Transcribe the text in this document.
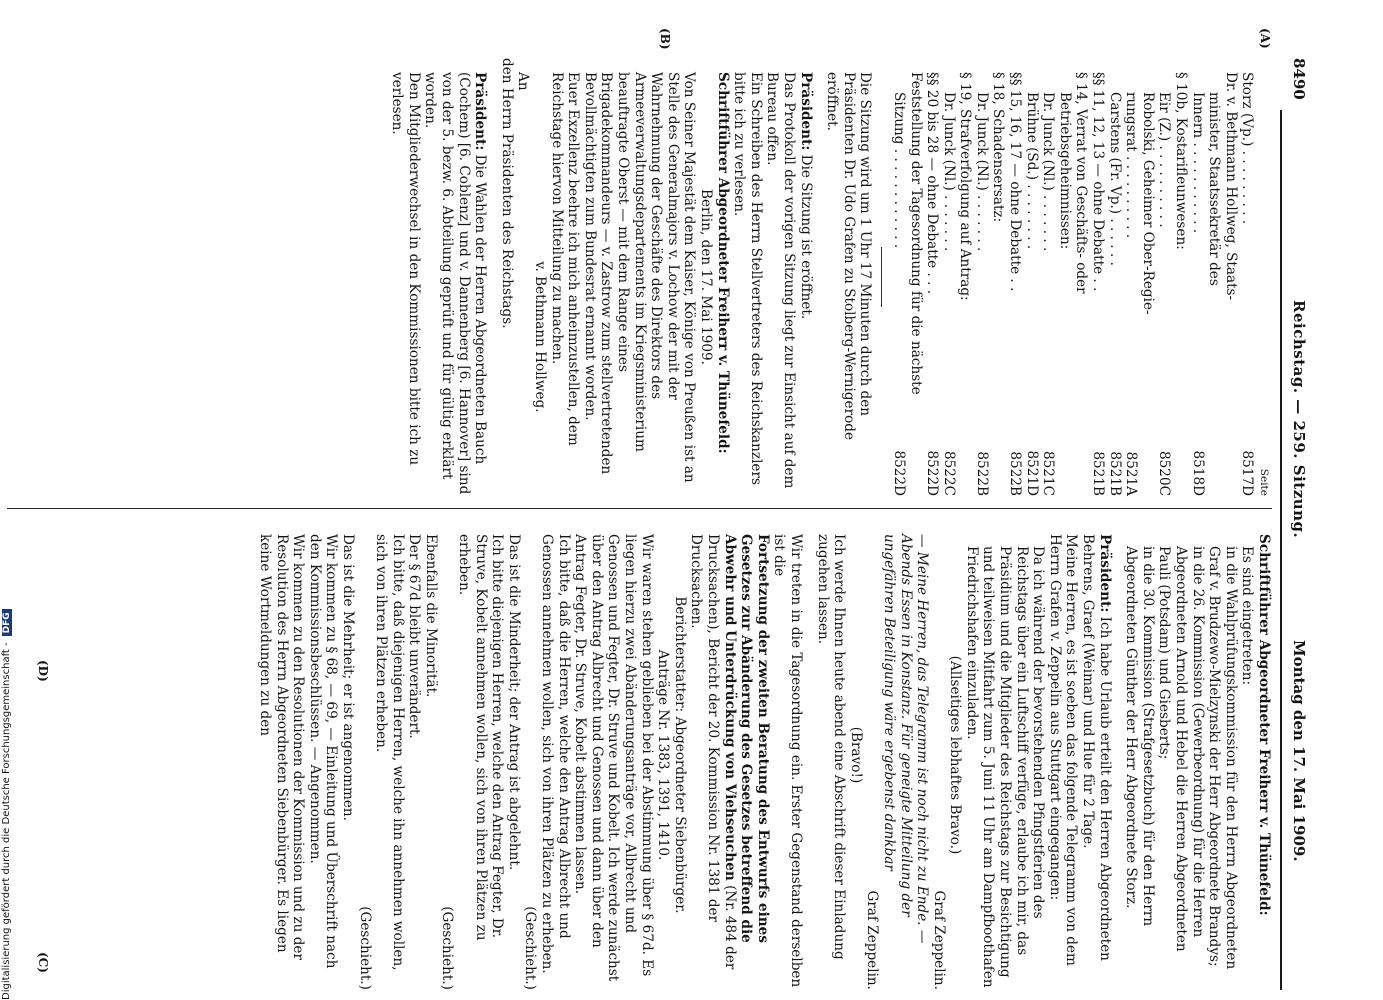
8490
Reichstag. — 259. Sitzung.
Montag den 17. Mai 1909.
(A)
(B)
(C)
(D)

Seite

Storz (Vp.) . . . . . . . . .
8517D
Dr. v. Bethmann Hollweg, Staats-
minister, Staatssekretär des
Innern . . . . . . . . . . .
8518D
§ 10b, Kostarifleunwesen:
Eir (Z.) . . . . . . . . . .
8520C
Robolski, Geheimer Ober-Regie-
rungsrat . . . . . . . . . .
8521A
Carstens (Fr. Vp.) . . . . . .
8521B
§§ 11, 12, 13 — ohne Debatte . .
8521B
§ 14, Verrat von Geschäfts- oder
Betriebsgeheimnissen:
Dr. Junck (Nl.) . . . . . . .
8521C
Brühne (Sd.) . . . . . . . .
8521D
§§ 15, 16, 17 — ohne Debatte . .
8522B
§ 18, Schadensersatz:
Dr. Junck (Nl.) . . . . . . .
8522B
§ 19, Strafverfolgung auf Antrag:
Dr. Junck (Nl.) . . . . . . .
8522C
§§ 20 bis 28 — ohne Debatte . . .
8522D
Feststellung der Tagesordnung für die nächste
Sitzung . . . . . . . . . . . .
8522D

Die Sitzung wird um 1 Uhr 17 Minuten durch den Präsidenten Dr. Udo Grafen zu Stolberg-Wernigerode eröffnet.

Präsident: Die Sitzung ist eröffnet.

Das Protokoll der vorigen Sitzung liegt zur Einsicht auf dem Bureau offen.

Ein Schreiben des Herrn Stellvertreters des Reichskanzlers bitte ich zu verlesen.

Schriftführer Abgeordneter Freiherr v. Thünefeld:

Berlin, den 17. Mai 1909.

Von Seiner Majestät dem Kaiser, Könige von Preußen ist an Stelle des Generalmajors v. Lochow der mit der Wahrnehmung der Geschäfte des Direktors des Armeeverwaltungsdepartements im Kriegsministerium beauftragte Oberst — mit dem Range eines Brigadekommandeurs — v. Zastrow zum stellvertretenden Bevollmächtigten zum Bundesrat ernannt worden.

Euer Exzellenz beehre ich mich anheimzustellen, dem Reichstage hiervon Mitteilung zu machen.

v. Bethmann Hollweg.

An

den Herrn Präsidenten des Reichstags.

Präsident: Die Wahlen der Herren Abgeordneten Bauch (Cochem) [6. Coblenz] und v. Dannenberg [6. Hannover] sind von der 5. bezw. 6. Abteilung geprüft und für gültig erklärt worden.

Den Mitgliederwechsel in den Kommissionen bitte ich zu verlesen.

Schriftführer Abgeordneter Freiherr v. Thünefeld:

Es sind eingetreten:

in die Wahlprüfungskommission für den Herrn Abgeordneten Graf v. Brudzewo-Mielzynski der Herr Abgeordnete Brandys;

in die 26. Kommission (Gewerbeordnung) für die Herren Abgeordneten Arnold und Hebel die Herren Abgeordneten Pauli (Potsdam) und Giesberts;

in die 30. Kommission (Strafgesetzbuch) für den Herrn Abgeordneten Günther der Herr Abgeordnete Storz.

Präsident: Ich habe Urlaub erteilt den Herren Abgeordneten Behrens, Graef (Weimar) und Hue für 2 Tage.

Meine Herren, es ist soeben das folgende Telegramm von dem Herrn Grafen v. Zeppelin aus Stuttgart eingegangen:

Da ich während der bevorstehenden Pfingstferien des Reichstags über ein Luftschiff verfüge, erlaube ich mir, das Präsidium und die Mitglieder des Reichstags zur Besichtigung und teilweisen Mitfahrt zum 5. Juni 11 Uhr am Dampfboothafen Friedrichshafen einzuladen.

(Allseitiges lebhaftes Bravo.)

Graf Zeppelin.

— Meine Herren, das Telegramm ist noch nicht zu Ende. — Abends Essen in Konstanz. Für geneigte Mitteilung der ungefähren Beteiligung wäre ergebenst dankbar

Graf Zeppelin.

(Bravo!)

Ich werde Ihnen heute abend eine Abschrift dieser Einladung zugehen lassen.

Wir treten in die Tagesordnung ein. Erster Gegenstand derselben ist die

Fortsetzung der zweiten Beratung des Entwurfs eines Gesetzes zur Abänderung des Gesetzes betreffend die Abwehr und Unterdrückung von Viehseuchen (Nr. 484 der Drucksachen), Bericht der 20. Kommission Nr. 1381 der Drucksachen.

Berichterstatter: Abgeordneter Siebenbürger.

Anträge Nr. 1383, 1391, 1410.

Wir waren stehen geblieben bei der Abstimmung über § 67d. Es liegen hierzu zwei Abänderungsanträge vor, Albrecht und Genossen und Fegter, Dr. Struve und Kobelt. Ich werde zunächst über den Antrag Albrecht und Genossen und dann über den Antrag Fegter, Dr. Struve, Kobelt abstimmen lassen.

Ich bitte, daß die Herren, welche den Antrag Albrecht und Genossen annehmen wollen, sich von ihren Plätzen zu erheben.

(Geschieht.)

Das ist die Minderheit; der Antrag ist abgelehnt.

Ich bitte diejenigen Herren, welche den Antrag Fegter, Dr. Struve, Kobelt annehmen wollen, sich von ihren Plätzen zu erheben.

(Geschieht.)

Ebenfalls die Minorität.

Der § 67d bleibt unverändert.

Ich bitte, daß diejenigen Herren, welche ihn annehmen wollen, sich von ihren Plätzen erheben.

(Geschieht.)

Das ist die Mehrheit; er ist angenommen.

Wir kommen zu § 68, — 69, — Einleitung und Überschrift nach den Kommissionsbeschlüssen. — Angenommen.

Wir kommen zu den Resolutionen der Kommission und zu der Resolution des Herrn Abgeordneten Siebenbürger. Es liegen keine Wortmeldungen zu den

Digitalisierung gefördert durch die Deutsche Forschungsgemeinschaft -DFG
